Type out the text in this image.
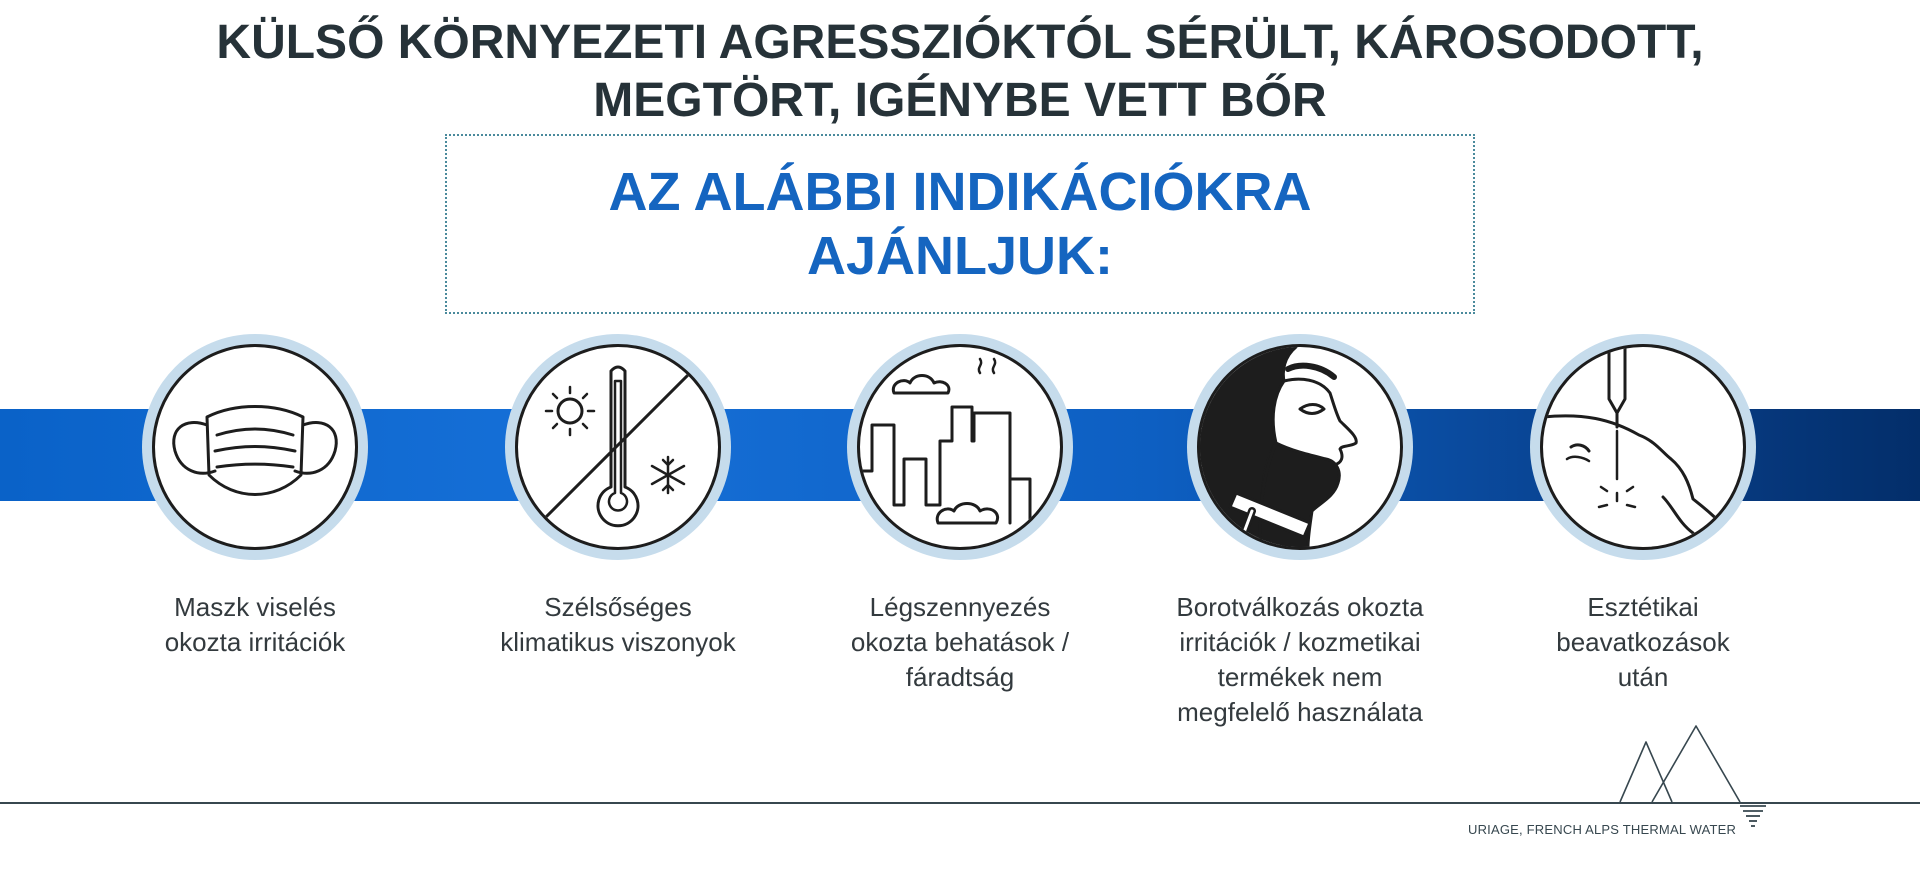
KÜLSŐ KÖRNYEZETI AGRESSZIÓKTÓL SÉRÜLT, KÁROSODOTT,
MEGTÖRT, IGÉNYBE VETT BŐR
AZ ALÁBBI INDIKÁCIÓKRA
AJÁNLJUK:
Maszk viselés
okozta irritációk
Szélsőséges
klimatikus viszonyok
Légszennyezés
okozta behatások /
fáradtság
Borotválkozás okozta
irritációk / kozmetikai
termékek nem
megfelelő használata
Esztétikai
beavatkozások
után
URIAGE, FRENCH ALPS THERMAL WATER
